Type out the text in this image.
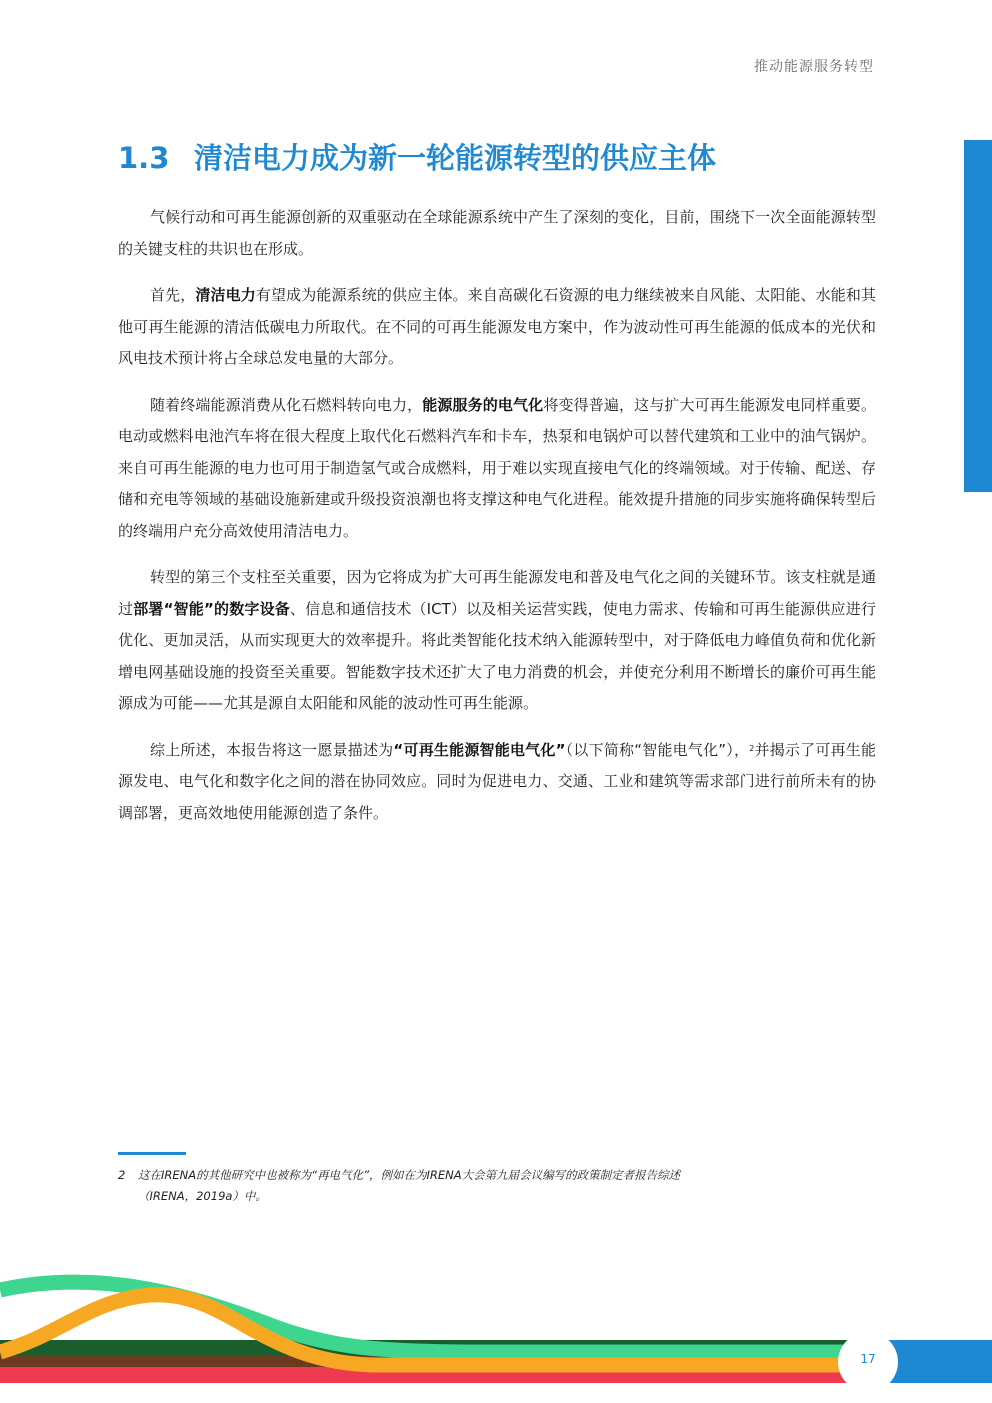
推动能源服务转型
1.3 清洁电力成为新一轮能源转型的供应主体

气候行动和可再生能源创新的双重驱动在全球能源系统中产生了深刻的变化，目前，围绕下一次全面能源转型的关键支柱的共识也在形成。

首先，清洁电力有望成为能源系统的供应主体。来自高碳化石资源的电力继续被来自风能、太阳能、水能和其他可再生能源的清洁低碳电力所取代。在不同的可再生能源发电方案中，作为波动性可再生能源的低成本的光伏和风电技术预计将占全球总发电量的大部分。

随着终端能源消费从化石燃料转向电力，能源服务的电气化将变得普遍，这与扩大可再生能源发电同样重要。电动或燃料电池汽车将在很大程度上取代化石燃料汽车和卡车，热泵和电锅炉可以替代建筑和工业中的油气锅炉。来自可再生能源的电力也可用于制造氢气或合成燃料，用于难以实现直接电气化的终端领域。对于传输、配送、存储和充电等领域的基础设施新建或升级投资浪潮也将支撑这种电气化进程。能效提升措施的同步实施将确保转型后的终端用户充分高效使用清洁电力。

转型的第三个支柱至关重要，因为它将成为扩大可再生能源发电和普及电气化之间的关键环节。该支柱就是通过部署“智能”的数字设备、信息和通信技术（ICT）以及相关运营实践，使电力需求、传输和可再生能源供应进行优化、更加灵活，从而实现更大的效率提升。将此类智能化技术纳入能源转型中，对于降低电力峰值负荷和优化新增电网基础设施的投资至关重要。智能数字技术还扩大了电力消费的机会，并使充分利用不断增长的廉价可再生能源成为可能——尤其是源自太阳能和风能的波动性可再生能源。

综上所述，本报告将这一愿景描述为“可再生能源智能电气化”（以下简称“智能电气化”），$^2$并揭示了可再生能源发电、电气化和数字化之间的潜在协同效应。同时为促进电力、交通、工业和建筑等需求部门进行前所未有的协调部署，更高效地使用能源创造了条件。

2 这在IRENA的其他研究中也被称为“再电气化”，例如在为IRENA大会第九届会议编写的政策制定者报告综述
（IRENA，2019a）中。
17
